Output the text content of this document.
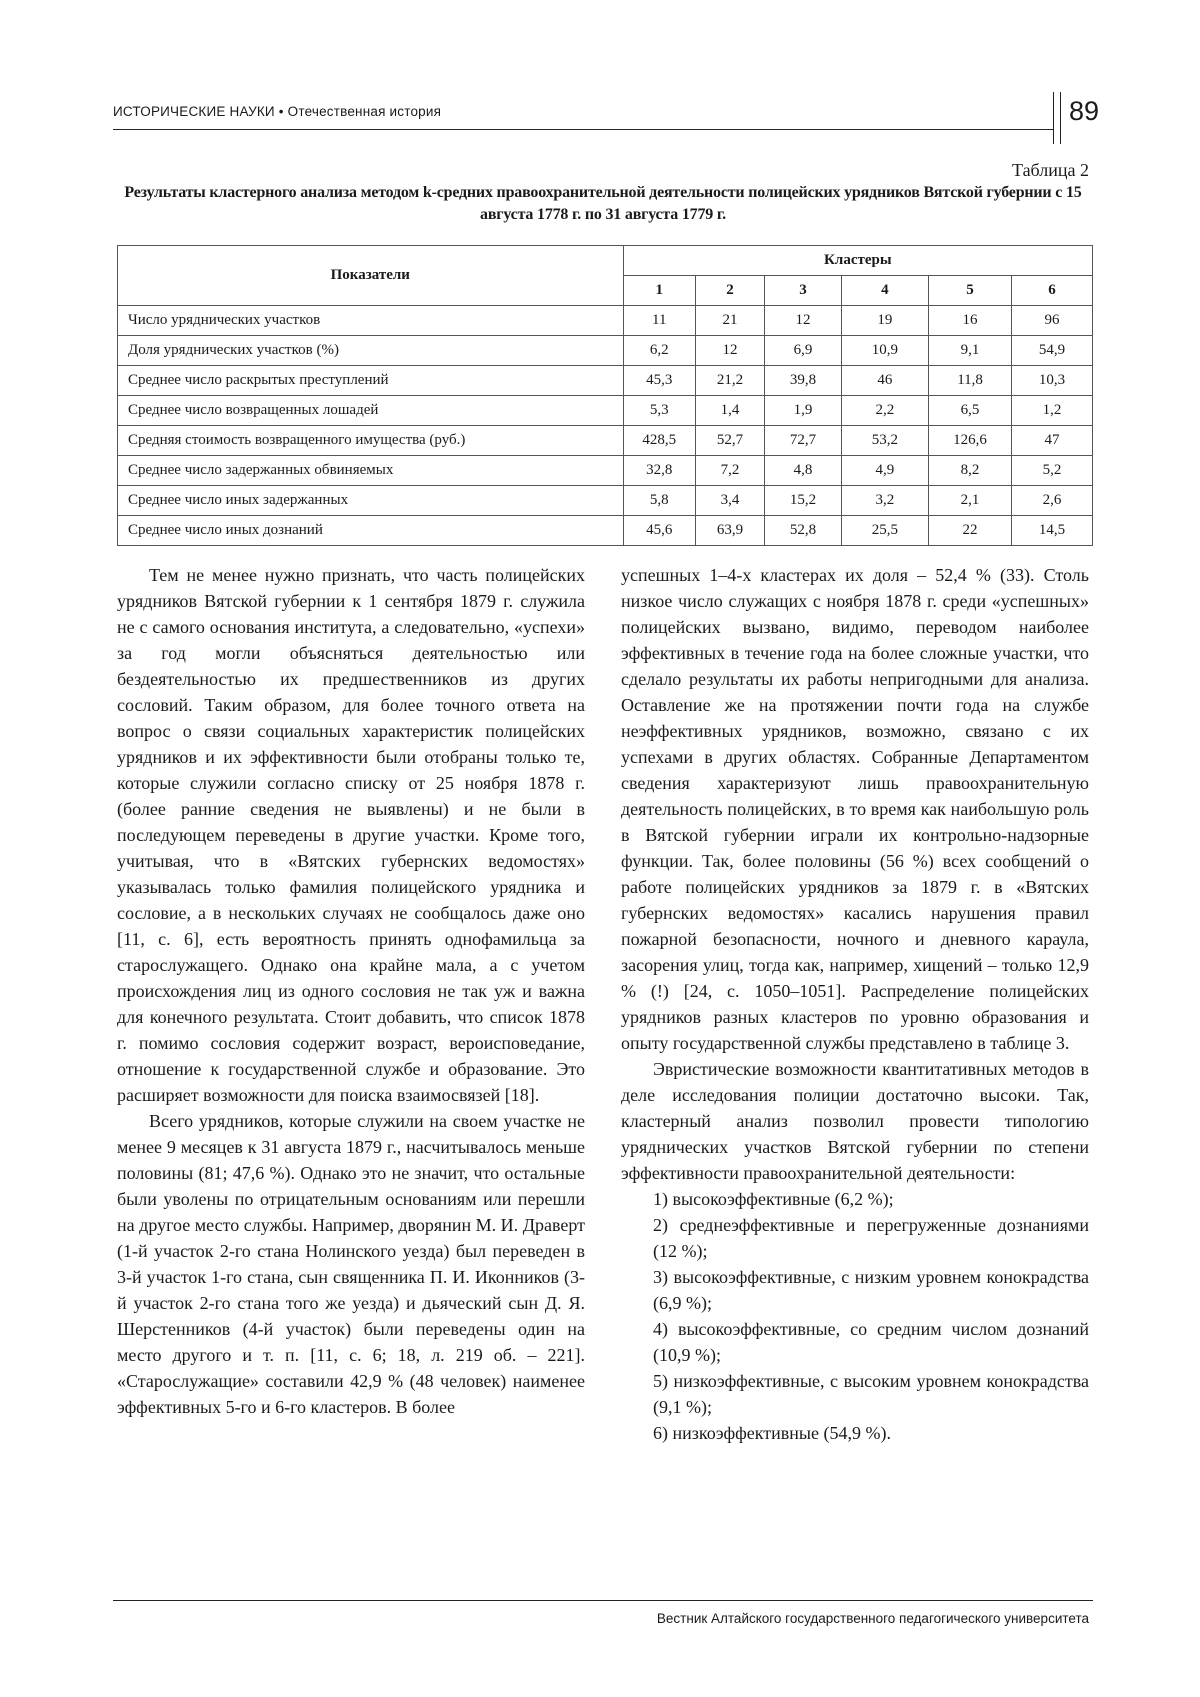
ИСТОРИЧЕСКИЕ НАУКИ • Отечественная история	89
Таблица 2
Результаты кластерного анализа методом k-средних правоохранительной деятельности полицейских урядников Вятской губернии с 15 августа 1778 г. по 31 августа 1779 г.
Показатели	Кластеры					
	1	2	3	4	5	6
Число урядничеcких участков	11	21	12	19	16	96
Доля урядничеcких участков (%)	6,2	12	6,9	10,9	9,1	54,9
Среднее число раскрытых преступлений	45,3	21,2	39,8	46	11,8	10,3
Среднее число возвращенных лошадей	5,3	1,4	1,9	2,2	6,5	1,2
Средняя стоимость возвращенного имущества (руб.)	428,5	52,7	72,7	53,2	126,6	47
Среднее число задержанных обвиняемых	32,8	7,2	4,8	4,9	8,2	5,2
Среднее число иных задержанных	5,8	3,4	15,2	3,2	2,1	2,6
Среднее число иных дознаний	45,6	63,9	52,8	25,5	22	14,5

Тем не менее нужно признать, что часть полицейских урядников Вятской губернии к 1 сентября 1879 г. служила не с самого основания института, а следовательно, «успехи» за год могли объясняться деятельностью или бездеятельностью их предшественников из других сословий. Таким образом, для более точного ответа на вопрос о связи социальных характеристик полицейских урядников и их эффективности были отобраны только те, которые служили согласно списку от 25 ноября 1878 г. (более ранние сведения не выявлены) и не были в последующем переведены в другие участки. Кроме того, учитывая, что в «Вятских губернских ведомостях» указывалась только фамилия полицейского урядника и сословие, а в нескольких случаях не сообщалось даже оно [11, с. 6], есть вероятность принять однофамильца за старослужащего. Однако она крайне мала, а с учетом происхождения лиц из одного сословия не так уж и важна для конечного результата. Стоит добавить, что список 1878 г. помимо сословия содержит возраст, вероисповедание, отношение к государственной службе и образование. Это расширяет возможности для поиска взаимосвязей [18].

Всего урядников, которые служили на своем участке не менее 9 месяцев к 31 августа 1879 г., насчитывалось меньше половины (81; 47,6 %). Однако это не значит, что остальные были уволены по отрицательным основаниям или перешли на другое место службы. Например, дворянин М. И. Драверт (1-й участок 2-го стана Нолинского уезда) был переведен в 3-й участок 1-го стана, сын священника П. И. Иконников (3-й участок 2-го стана того же уезда) и дьяческий сын Д. Я. Шерстенников (4-й участок) были переведены один на место другого и т. п. [11, с. 6; 18, л. 219 об. – 221]. «Старослужащие» составили 42,9 % (48 человек) наименее эффективных 5-го и 6-го кластеров. В более

успешных 1–4-х кластерах их доля – 52,4 % (33). Столь низкое число служащих с ноября 1878 г. среди «успешных» полицейских вызвано, видимо, переводом наиболее эффективных в течение года на более сложные участки, что сделало результаты их работы непригодными для анализа. Оставление же на протяжении почти года на службе неэффективных урядников, возможно, связано с их успехами в других областях. Собранные Департаментом сведения характеризуют лишь правоохранительную деятельность полицейских, в то время как наибольшую роль в Вятской губернии играли их контрольно-надзорные функции. Так, более половины (56 %) всех сообщений о работе полицейских урядников за 1879 г. в «Вятских губернских ведомостях» касались нарушения правил пожарной безопасности, ночного и дневного караула, засорения улиц, тогда как, например, хищений – только 12,9 % (!) [24, с. 1050–1051]. Распределение полицейских урядников разных кластеров по уровню образования и опыту государственной службы представлено в таблице 3.

Эвристические возможности квантитативных методов в деле исследования полиции достаточно высоки. Так, кластерный анализ позволил провести типологию урядничеcких участков Вятской губернии по степени эффективности правоохранительной деятельности:

1) высокоэффективные (6,2 %);

2) среднеэффективные и перегруженные дознаниями (12 %);

3) высокоэффективные, с низким уровнем конокрадства (6,9 %);

4) высокоэффективные, со средним числом дознаний (10,9 %);

5) низкоэффективные, с высоким уровнем конокрадства (9,1 %);

6) низкоэффективные (54,9 %).

Вестник Алтайского государственного педагогического университета
